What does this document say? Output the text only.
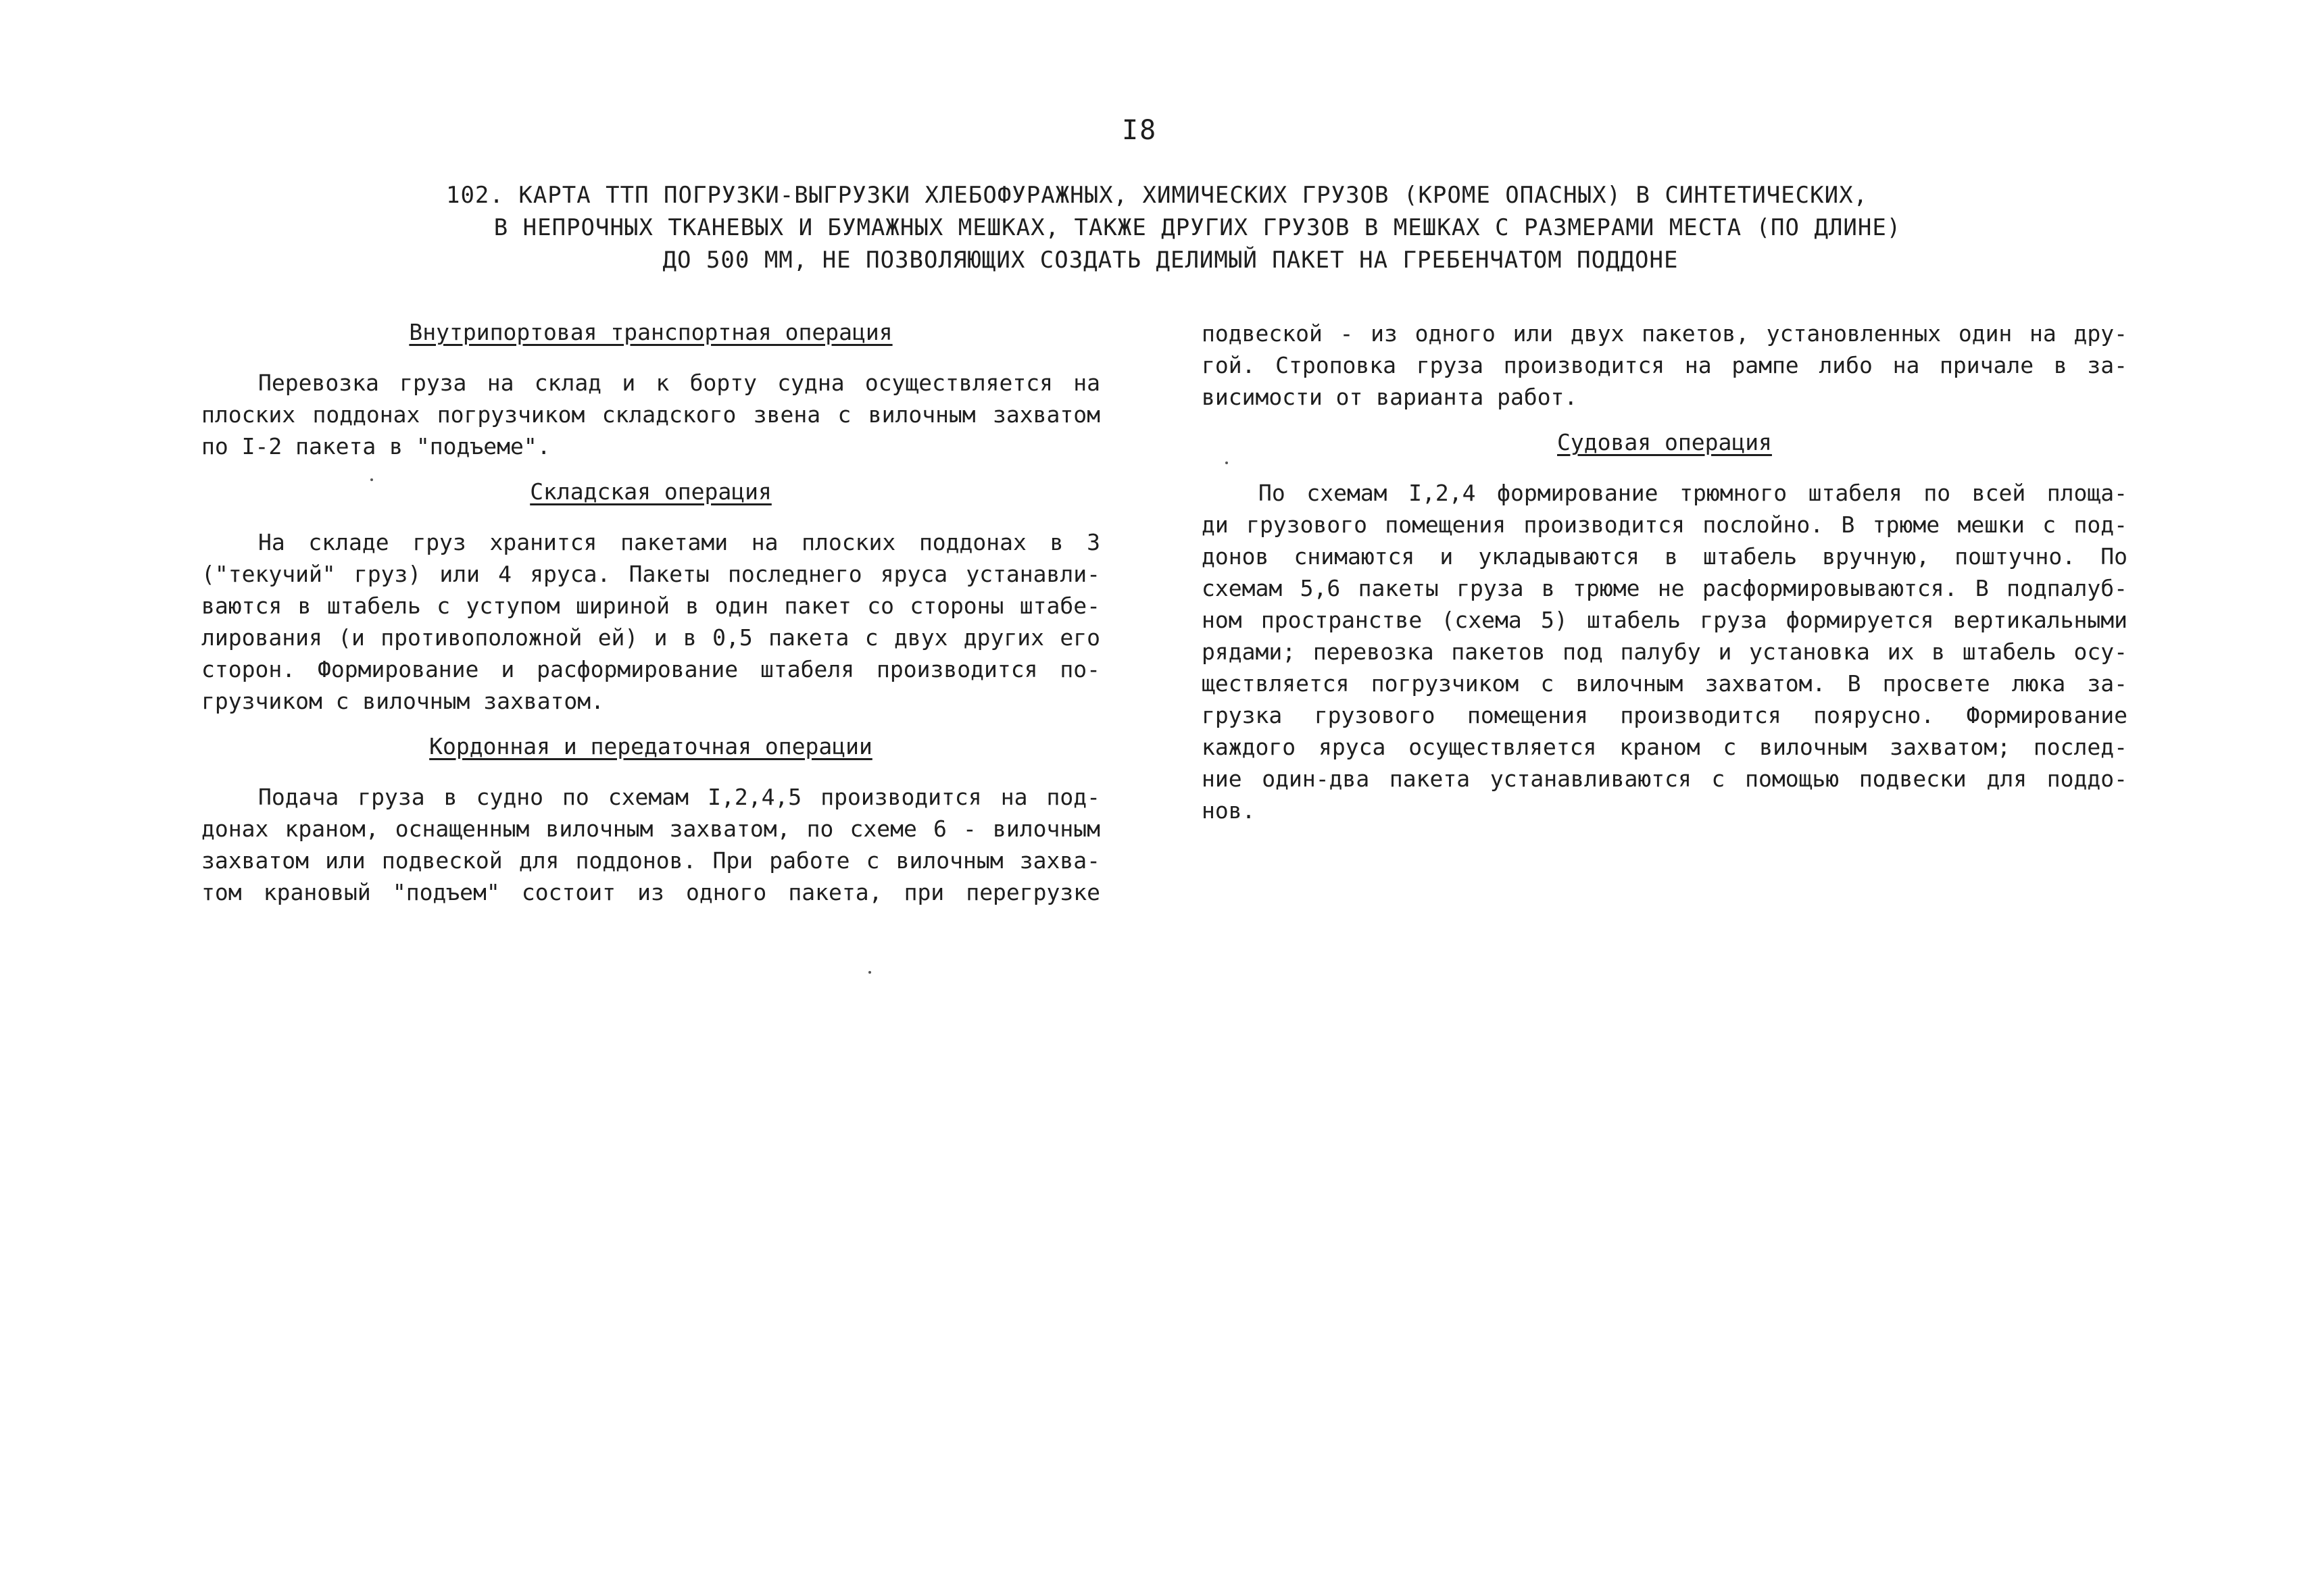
I8
102. КАРТА ТТП ПОГРУЗКИ-ВЫГРУЗКИ ХЛЕБОФУРАЖНЫХ, ХИМИЧЕСКИХ ГРУЗОВ (КРОМЕ ОПАСНЫХ) В СИНТЕТИЧЕСКИХ,
В НЕПРОЧНЫХ ТКАНЕВЫХ И БУМАЖНЫХ МЕШКАХ, ТАКЖЕ ДРУГИХ ГРУЗОВ В МЕШКАХ С РАЗМЕРАМИ МЕСТА (ПО ДЛИНЕ)
ДО 500 ММ, НЕ ПОЗВОЛЯЮЩИХ СОЗДАТЬ ДЕЛИМЫЙ ПАКЕТ НА ГРЕБЕНЧАТОМ ПОДДОНЕ
Внутрипортовая транспортная операция
Перевозка груза на склад и к борту судна осуществляется на
плоских поддонах погрузчиком складского звена с вилочным захватом
по I-2 пакета в "подъеме".
Складская операция
На складе груз хранится пакетами на плоских поддонах в 3
("текучий" груз) или 4 яруса. Пакеты последнего яруса устанавли-
ваются в штабель с уступом шириной в один пакет со стороны штабе-
лирования (и противоположной ей) и в 0,5 пакета с двух других его
сторон. Формирование и расформирование штабеля производится по-
грузчиком с вилочным захватом.
Кордонная и передаточная операции
Подача груза в судно по схемам I,2,4,5 производится на под-
донах краном, оснащенным вилочным захватом, по схеме 6 - вилочным
захватом или подвеской для поддонов. При работе с вилочным захва-
том крановый "подъем" состоит из одного пакета, при перегрузке
подвеской - из одного или двух пакетов, установленных один на дру-
гой. Строповка груза производится на рампе либо на причале в за-
висимости от варианта работ.
Судовая операция
По схемам I,2,4 формирование трюмного штабеля по всей площа-
ди грузового помещения производится послойно. В трюме мешки с под-
донов снимаются и укладываются в штабель вручную, поштучно. По
схемам 5,6 пакеты груза в трюме не расформировываются. В подпалуб-
ном пространстве (схема 5) штабель груза формируется вертикальными
рядами; перевозка пакетов под палубу и установка их в штабель осу-
ществляется погрузчиком с вилочным захватом. В просвете люка за-
грузка грузового помещения производится поярусно. Формирование
каждого яруса осуществляется краном с вилочным захватом; послед-
ние один-два пакета устанавливаются с помощью подвески для поддо-
нов.
